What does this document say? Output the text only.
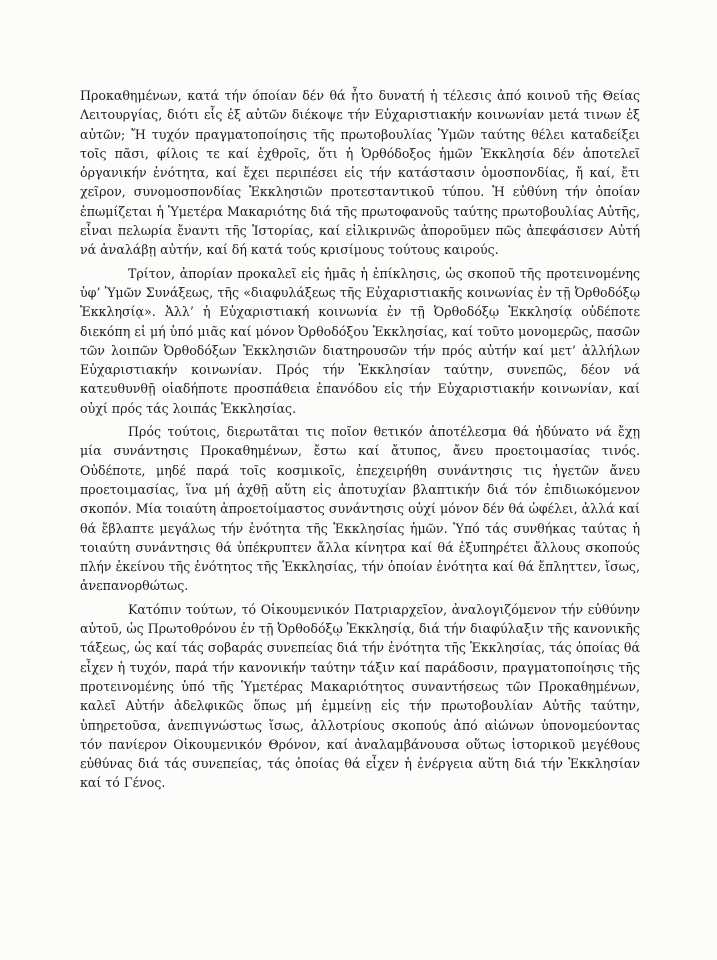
Προκαθημένων, κατά τήν όποίαν δέν θά ἦτο δυνατή ἡ τέλεσις ἀπό κοινοῦ τῆς Θείας Λειτουργίας, διότι εἷς ἐξ αὐτῶν διέκοψε τήν Εὐχαριστιακήν κοινωνίαν μετά τινων ἐξ αὐτῶν; Ἤ τυχόν πραγματοποίησις τῆς πρωτοβουλίας Ὑμῶν ταύτης θέλει καταδείξει τοῖς πᾶσι, φίλοις τε καί ἐχθροῖς, ὅτι ἡ Ὀρθόδοξος ἡμῶν Ἐκκλησία δέν ἀποτελεῖ ὀργανικήν ἑνότητα, καί ἔχει περιπέσει εἰς τήν κατάστασιν ὁμοσπονδίας, ἤ καί, ἔτι χεῖρον, συνομοσπονδίας Ἐκκλησιῶν προτεσταντικοῦ τύπου. Ἡ εὐθύνη τήν ὁποίαν ἐπωμίζεται ἡ Ὑμετέρα Μακαριότης διά τῆς πρωτοφανοῦς ταύτης πρωτοβουλίας Αὐτῆς, εἶναι πελωρία ἔναντι τῆς Ἱστορίας, καί εἰλικρινῶς ἀπορoῦμεν πῶς ἀπεφάσισεν Αὐτή νά ἀναλάβῃ αὐτήν, καί δή κατά τούς κρισίμους τούτους καιρούς.

Τρίτον, ἀπορίαν προκαλεῖ εἰς ἡμᾶς ἡ ἐπίκλησις, ὡς σκοποῦ τῆς προτεινομένης ὑφ’ Ὑμῶν Συνάξεως, τῆς «διαφυλάξεως τῆς Εὐχαριστιακῆς κοινωνίας ἐν τῇ Ὀρθοδόξῳ Ἐκκλησίᾳ». Ἀλλ’ ἡ Εὐχαριστιακή κοινωνία ἐν τῇ Ὀρθοδόξῳ Ἐκκλησίᾳ οὐδέποτε διεκόπη εἰ μή ὑπό μιᾶς καί μόνον Ὀρθοδόξου Ἐκκλησίας, καί τοῦτο μονομερῶς, πασῶν τῶν λοιπῶν Ὀρθοδόξων Ἐκκλησιῶν διατηρουσῶν τήν πρός αὐτήν καί μετ’ ἀλλήλων Εὐχαριστιακήν κοινωνίαν. Πρός τήν Ἐκκλησίαν ταύτην, συνεπῶς, δέον νά κατευθυνθῇ οἱαδήποτε προσπάθεια ἐπανόδου εἰς τήν Εὐχαριστιακήν κοινωνίαν, καί οὐχί πρός τάς λοιπάς Ἐκκλησίας.

Πρός τούτοις, διερωτᾶται τις ποῖον θετικόν ἀποτέλεσμα θά ἠδύνατο νά ἔχῃ μία συνάντησις Προκαθημένων, ἔστω καί ἄτυπος, ἄνευ προετοιμασίας τινός. Οὐδέποτε, μηδέ παρά τοῖς κοσμικοῖς, ἐπεχειρήθη συνάντησις τις ἡγετῶν ἄνευ προετοιμασίας, ἵνα μή ἀχθῇ αὕτη εἰς ἀποτυχίαν βλαπτικήν διά τόν ἐπιδιωκόμενον σκοπόν. Μία τοιαύτη ἀπροετοίμαστος συνάντησις οὐχί μόνον δέν θά ὠφέλει, ἀλλά καί θά ἔβλαπτε μεγάλως τήν ἑνότητα τῆς Ἐκκλησίας ἡμῶν. Ὑπό τάς συνθήκας ταύτας ἡ τοιαύτη συνάντησις θά ὑπέκρυπτεν ἄλλα κίνητρα καί θά ἐξυπηρέτει ἄλλους σκοπούς πλήν ἐκείνου τῆς ἑνότητος τῆς Ἐκκλησίας, τήν ὁποίαν ἑνότητα καί θά ἔπληττεν, ἴσως, ἀνεπανορθώτως.

Κατόπιν τούτων, τό Οἰκουμενικόν Πατριαρχεῖον, ἀναλογιζόμενον τήν εὐθύνην αὐτοῦ, ὡς Πρωτοθρόνου ἐν τῇ Ὀρθοδόξῳ Ἐκκλησίᾳ, διά τήν διαφύλαξιν τῆς κανονικῆς τάξεως, ὡς καί τάς σοβαράς συνεπείας διά τήν ἑνότητα τῆς Ἐκκλησίας, τάς ὁποίας θά εἶχεν ἡ τυχόν, παρά τήν κανονικήν ταύτην τάξιν καί παράδοσιν, πραγματοποίησις τῆς προτεινομένης ὑπό τῆς Ὑμετέρας Μακαριότητος συναντήσεως τῶν Προκαθημένων, καλεῖ Αὐτήν ἀδελφικῶς ὅπως μή ἐμμείνῃ εἰς τήν πρωτοβουλίαν Αὐτῆς ταύτην, ὑπηρετοῦσα, ἀνεπιγνώστως ἴσως, ἀλλοτρίους σκοπούς ἀπό αἰώνων ὑπονομεύοντας τόν πανίερον Οἰκουμενικόν Θρόνον, καί ἀναλαμβάνουσα οὕτως ἱστορικοῦ μεγέθους εὐθύνας διά τάς συνεπείας, τάς ὁποίας θά εἶχεν ἡ ἐνέργεια αὕτη διά τήν Ἐκκλησίαν καί τό Γένος.
